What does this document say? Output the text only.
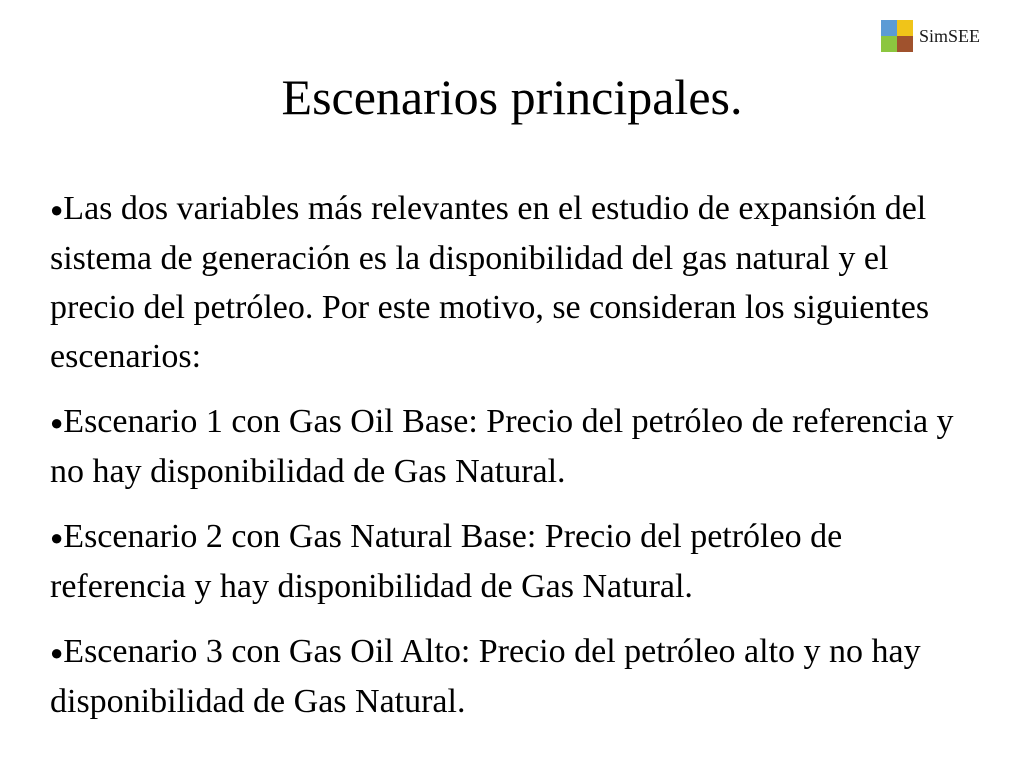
SimSEE
Escenarios principales.
●Las dos variables más relevantes en el estudio de expansión del sistema de generación es la disponibilidad del gas natural y el precio del petróleo. Por este motivo, se consideran los siguientes escenarios:
●Escenario 1 con Gas Oil Base: Precio del petróleo de referencia y no hay disponibilidad de Gas Natural.
●Escenario 2 con Gas Natural Base: Precio del petróleo de referencia y hay disponibilidad de Gas Natural.
●Escenario 3 con Gas Oil Alto: Precio del petróleo alto y no hay disponibilidad de Gas Natural.
